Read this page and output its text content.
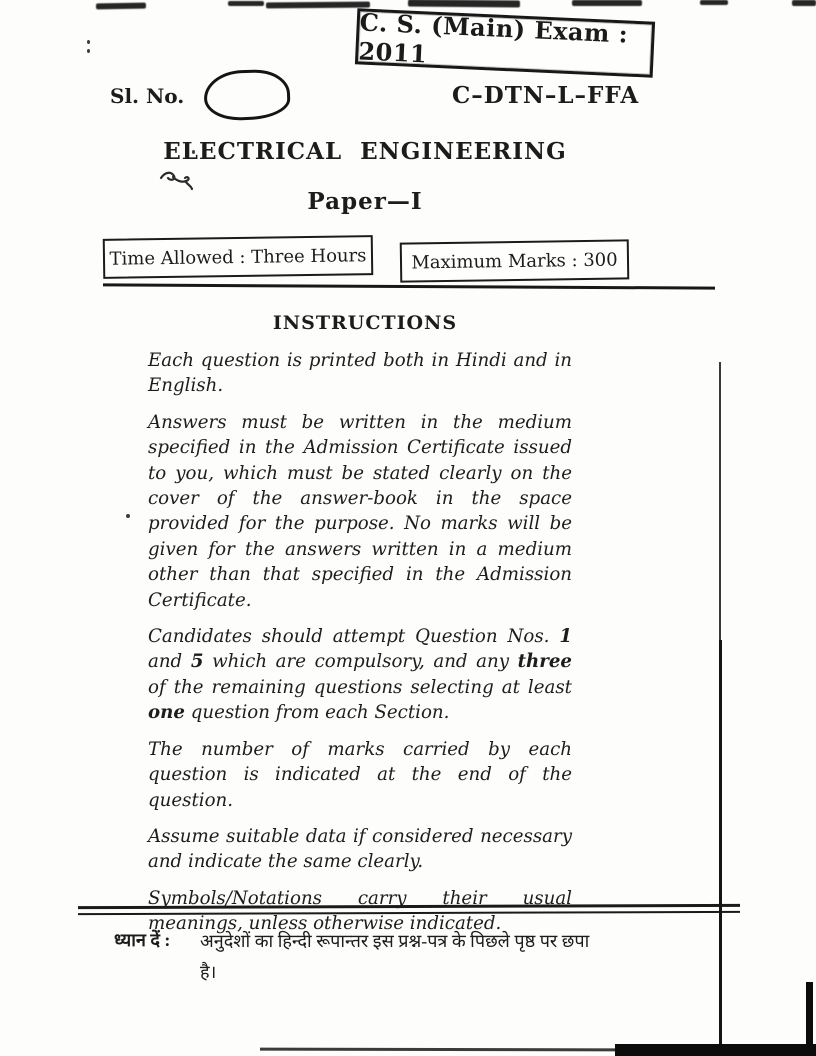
C. S. (Main) Exam : 2011
Sl. No.	C–DTN–L–FFA
ELECTRICAL ENGINEERING
Paper—I
Time Allowed : Three Hours Maximum Marks : 300
INSTRUCTIONS

Each question is printed both in Hindi and in English.

Answers must be written in the medium specified in the Admission Certificate issued to you, which must be stated clearly on the cover of the answer-book in the space provided for the purpose. No marks will be given for the answers written in a medium other than that specified in the Admission Certificate.

Candidates should attempt Question Nos. 1 and 5 which are compulsory, and any three of the remaining questions selecting at least one question from each Section.

The number of marks carried by each question is indicated at the end of the question.

Assume suitable data if considered necessary and indicate the same clearly.

Symbols/Notations carry their usual meanings, unless otherwise indicated.

ध्यान दें : अनुदेशों का हिन्दी रूपान्तर इस प्रश्न-पत्र के पिछले पृष्ठ पर छपा है।
